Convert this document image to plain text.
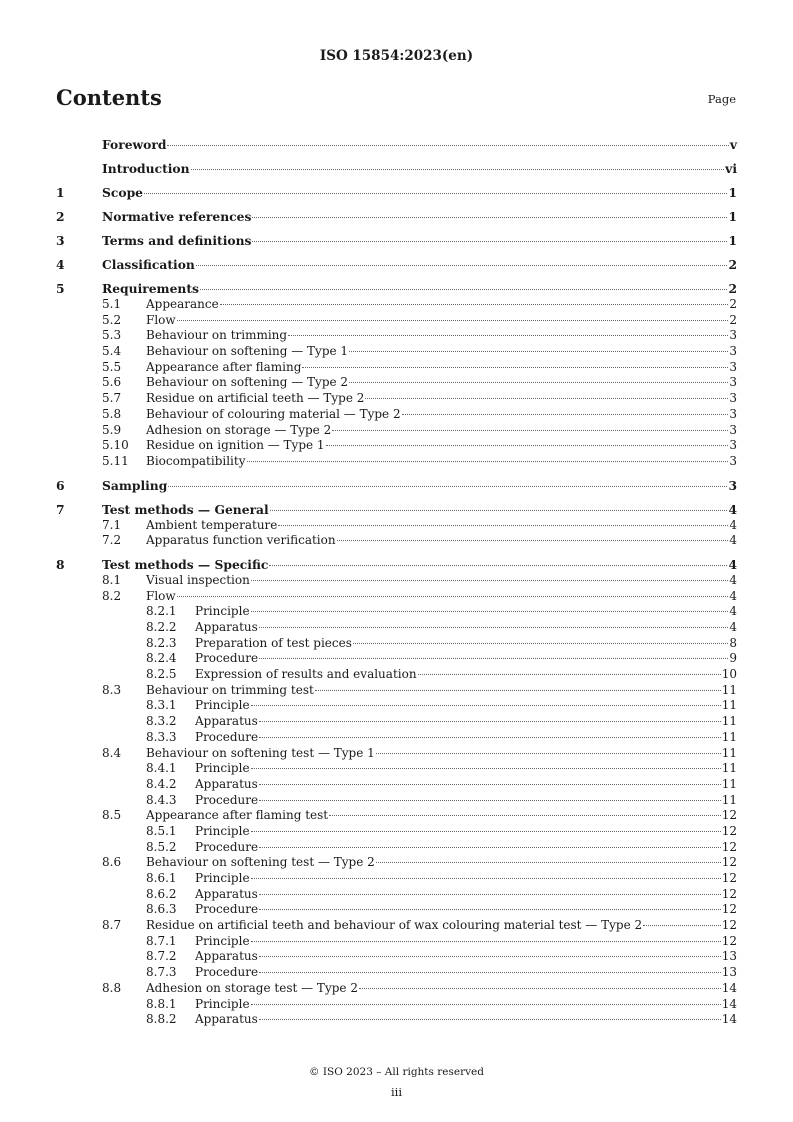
ISO 15854:2023(en)
Contents	Page
Foreword	v
Introduction	vi
1	Scope	1
2	Normative references	1
3	Terms and definitions	1
4	Classification	2
5	Requirements	2
5.1	Appearance	2
5.2	Flow	2
5.3	Behaviour on trimming	3
5.4	Behaviour on softening — Type 1	3
5.5	Appearance after flaming	3
5.6	Behaviour on softening — Type 2	3
5.7	Residue on artificial teeth — Type 2	3
5.8	Behaviour of colouring material — Type 2	3
5.9	Adhesion on storage — Type 2	3
5.10	Residue on ignition — Type 1	3
5.11	Biocompatibility	3
6	Sampling	3
7	Test methods — General	4
7.1	Ambient temperature	4
7.2	Apparatus function verification	4
8	Test methods — Specific	4
8.1	Visual inspection	4
8.2	Flow	4
8.2.1	Principle	4
8.2.2	Apparatus	4
8.2.3	Preparation of test pieces	8
8.2.4	Procedure	9
8.2.5	Expression of results and evaluation	10
8.3	Behaviour on trimming test	11
8.3.1	Principle	11
8.3.2	Apparatus	11
8.3.3	Procedure	11
8.4	Behaviour on softening test — Type 1	11
8.4.1	Principle	11
8.4.2	Apparatus	11
8.4.3	Procedure	11
8.5	Appearance after flaming test	12
8.5.1	Principle	12
8.5.2	Procedure	12
8.6	Behaviour on softening test — Type 2	12
8.6.1	Principle	12
8.6.2	Apparatus	12
8.6.3	Procedure	12
8.7	Residue on artificial teeth and behaviour of wax colouring material test — Type 2	12
8.7.1	Principle	12
8.7.2	Apparatus	13
8.7.3	Procedure	13
8.8	Adhesion on storage test — Type 2	14
8.8.1	Principle	14
8.8.2	Apparatus	14
© ISO 2023 – All rights reserved
iii
